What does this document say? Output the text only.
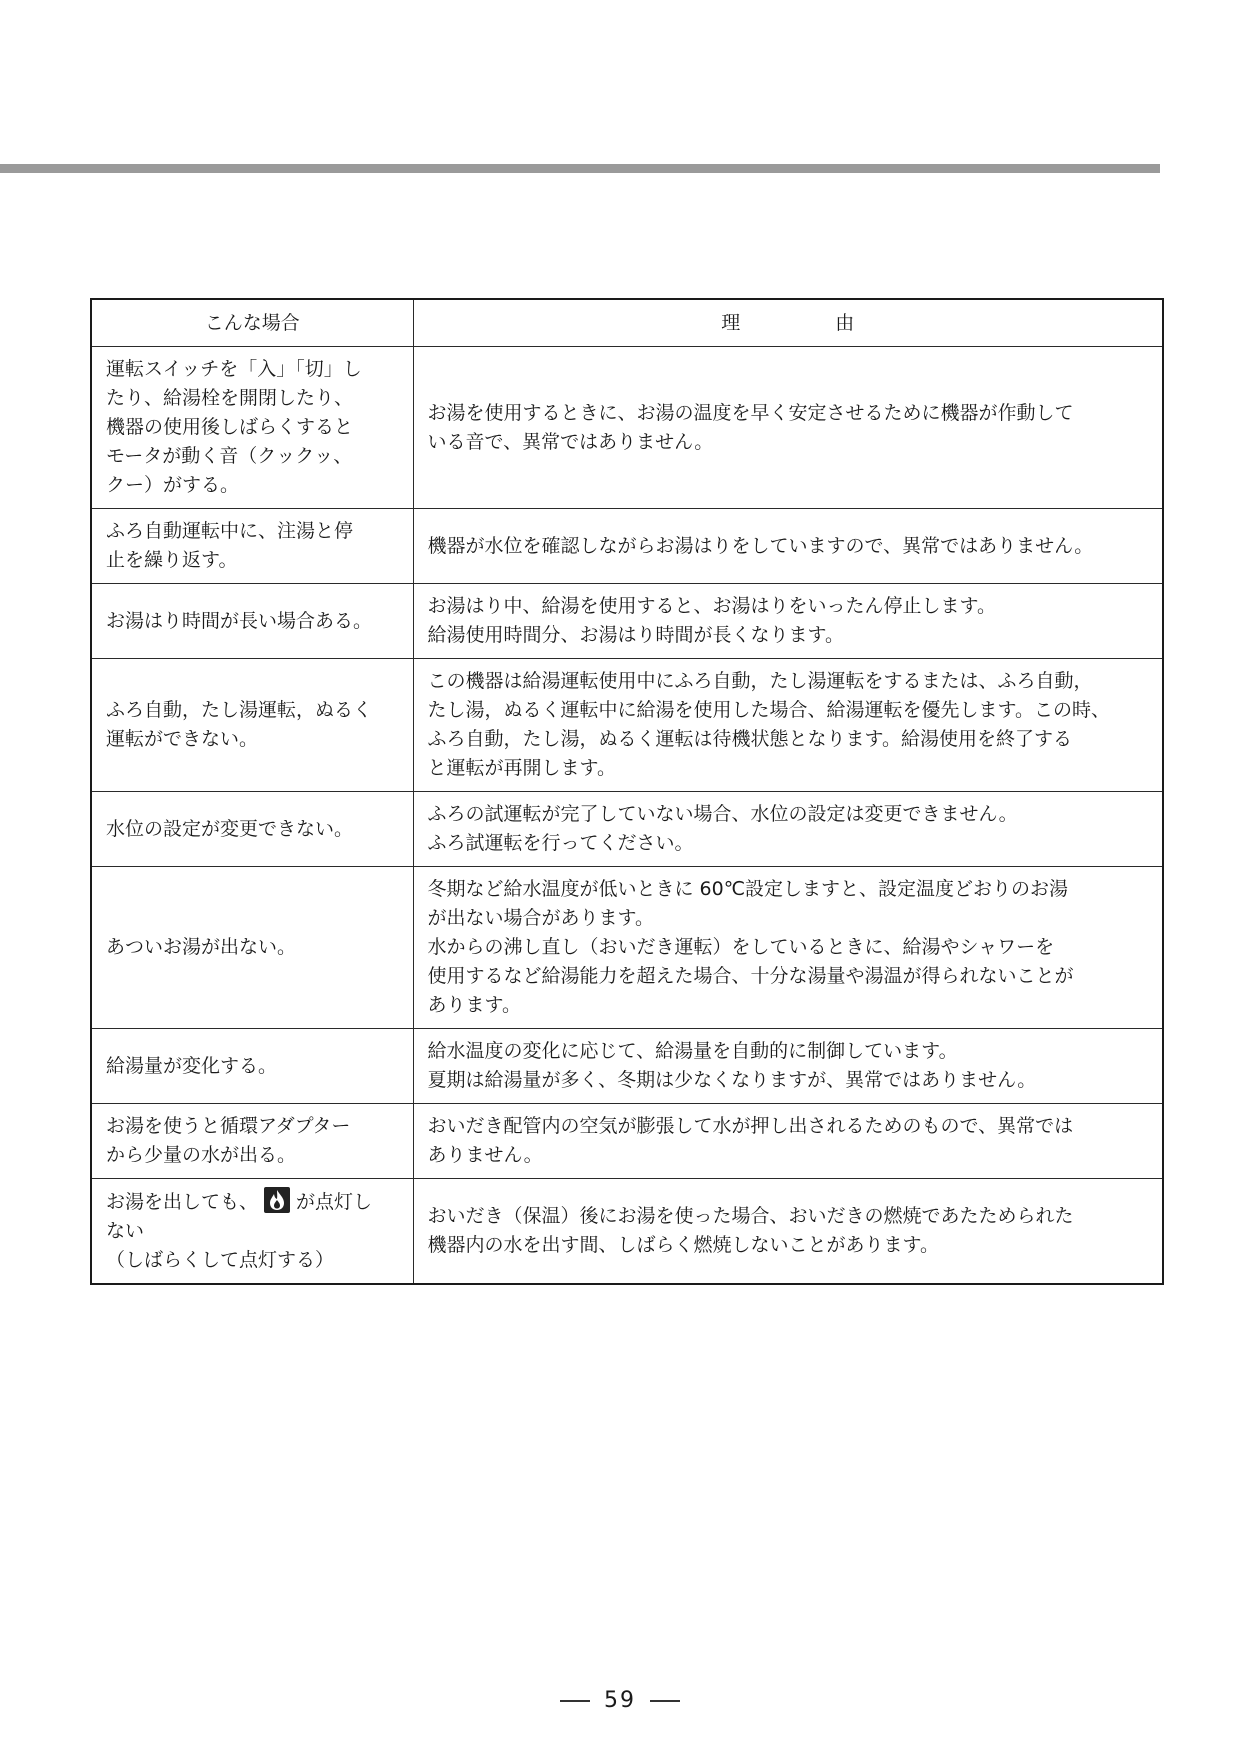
こんな場合	理　　　　　由

運転スイッチを「入」「切」し
たり、給湯栓を開閉したり、
機器の使用後しばらくすると
モータが動く音（クックッ、
クー）がする。	お湯を使用するときに、お湯の温度を早く安定させるために機器が作動して
いる音で、異常ではありません。

ふろ自動運転中に、注湯と停
止を繰り返す。	機器が水位を確認しながらお湯はりをしていますので、異常ではありません。

お湯はり時間が長い場合ある。	お湯はり中、給湯を使用すると、お湯はりをいったん停止します。
給湯使用時間分、お湯はり時間が長くなります。

ふろ自動，たし湯運転，ぬるく
運転ができない。	この機器は給湯運転使用中にふろ自動，たし湯運転をするまたは、ふろ自動，
たし湯，ぬるく運転中に給湯を使用した場合、給湯運転を優先します。この時、
ふろ自動，たし湯，ぬるく運転は待機状態となります。給湯使用を終了する
と運転が再開します。

水位の設定が変更できない。	ふろの試運転が完了していない場合、水位の設定は変更できません。
ふろ試運転を行ってください。

あついお湯が出ない。	冬期など給水温度が低いときに 60℃設定しますと、設定温度どおりのお湯
が出ない場合があります。
水からの沸し直し（おいだき運転）をしているときに、給湯やシャワーを
使用するなど給湯能力を超えた場合、十分な湯量や湯温が得られないことが
あります。

給湯量が変化する。	給水温度の変化に応じて、給湯量を自動的に制御しています。
夏期は給湯量が多く、冬期は少なくなりますが、異常ではありません。

お湯を使うと循環アダプター
から少量の水が出る。	おいだき配管内の空気が膨張して水が押し出されるためのもので、異常では
ありません。

お湯を出しても、 が点灯し
ない
（しばらくして点灯する）	おいだき（保温）後にお湯を使った場合、おいだきの燃焼であたためられた
機器内の水を出す間、しばらく燃焼しないことがあります。
59
